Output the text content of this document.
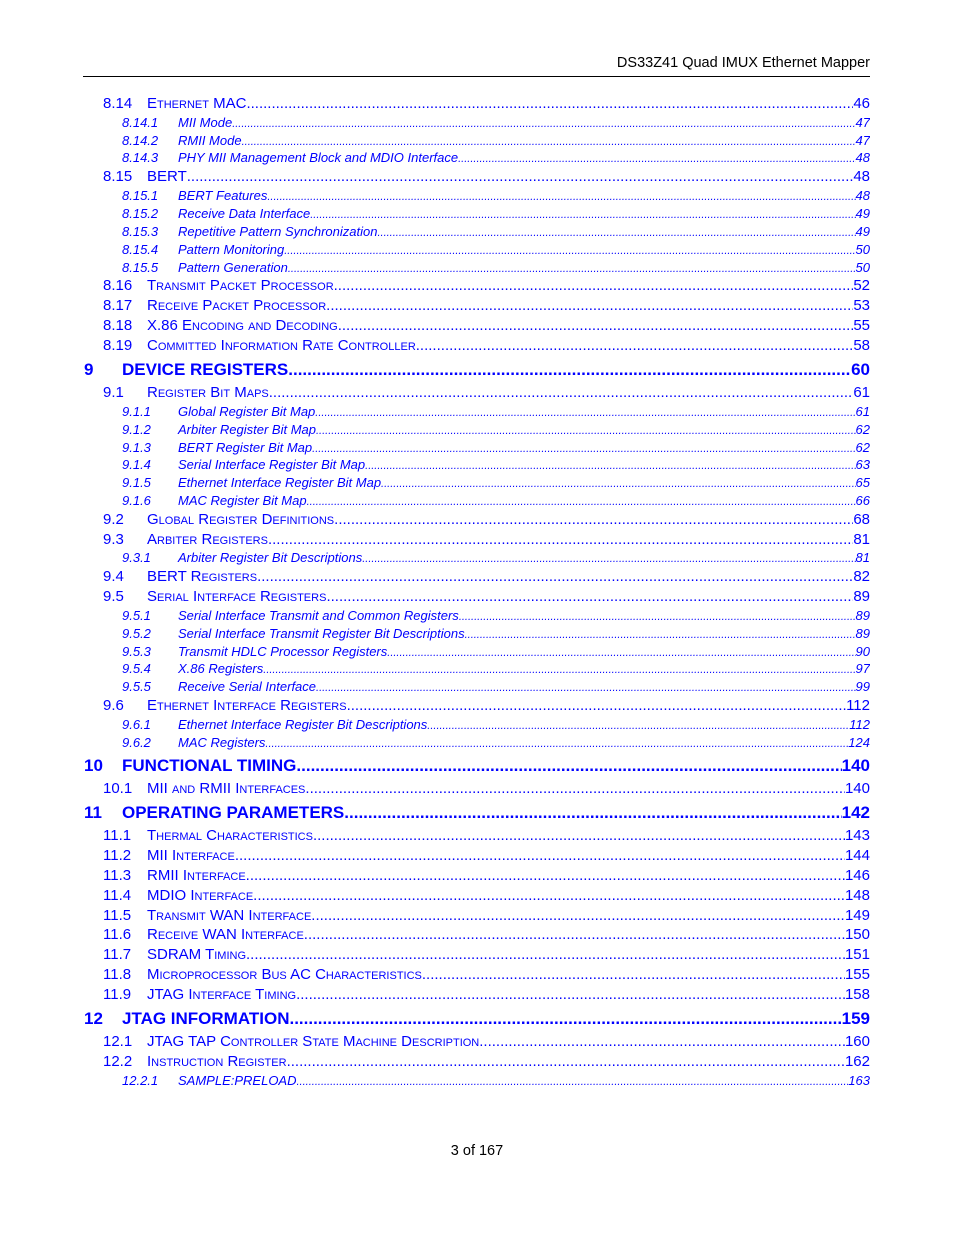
DS33Z41 Quad IMUX Ethernet Mapper
8.14 Ethernet MAC .....	46
8.14.1	MII Mode .....	47
8.14.2	RMII Mode .....	47
8.14.3	PHY MII Management Block and MDIO Interface .....	48
8.15 BERT .....	48
8.15.1	BERT Features .....	48
8.15.2	Receive Data Interface .....	49
8.15.3	Repetitive Pattern Synchronization .....	49
8.15.4	Pattern Monitoring .....	50
8.15.5	Pattern Generation .....	50
8.16 Transmit Packet Processor .....	52
8.17 Receive Packet Processor .....	53
8.18 X.86 Encoding and Decoding .....	55
8.19 Committed Information Rate Controller .....	58
9	DEVICE REGISTERS .....	60
9.1	Register Bit Maps .....	61
9.1.1	Global Register Bit Map .....	61
9.1.2	Arbiter Register Bit Map .....	62
9.1.3	BERT Register Bit Map .....	62
9.1.4	Serial Interface Register Bit Map .....	63
9.1.5	Ethernet Interface Register Bit Map .....	65
9.1.6	MAC Register Bit Map .....	66
9.2	Global Register Definitions .....	68
9.3	Arbiter Registers .....	81
9.3.1	Arbiter Register Bit Descriptions .....	81
9.4	BERT Registers .....	82
9.5	Serial Interface Registers .....	89
9.5.1	Serial Interface Transmit and Common Registers .....	89
9.5.2	Serial Interface Transmit Register Bit Descriptions .....	89
9.5.3	Transmit HDLC Processor Registers .....	90
9.5.4	X.86 Registers .....	97
9.5.5	Receive Serial Interface .....	99
9.6	Ethernet Interface Registers .....	112
9.6.1	Ethernet Interface Register Bit Descriptions .....	112
9.6.2	MAC Registers .....	124
10	FUNCTIONAL TIMING .....	140
10.1 MII and RMII Interfaces .....	140
11	OPERATING PARAMETERS .....	142
11.1	Thermal Characteristics .....	143
11.2	MII Interface .....	144
11.3	RMII Interface .....	146
11.4	MDIO Interface .....	148
11.5	Transmit WAN Interface .....	149
11.6	Receive WAN Interface .....	150
11.7	SDRAM Timing .....	151
11.8	Microprocessor Bus AC Characteristics .....	155
11.9	JTAG Interface Timing .....	158
12	JTAG INFORMATION .....	159
12.1 JTAG TAP Controller State Machine Description .....	160
12.2 Instruction Register .....	162
12.2.1	SAMPLE:PRELOAD .....	163
3 of 167
